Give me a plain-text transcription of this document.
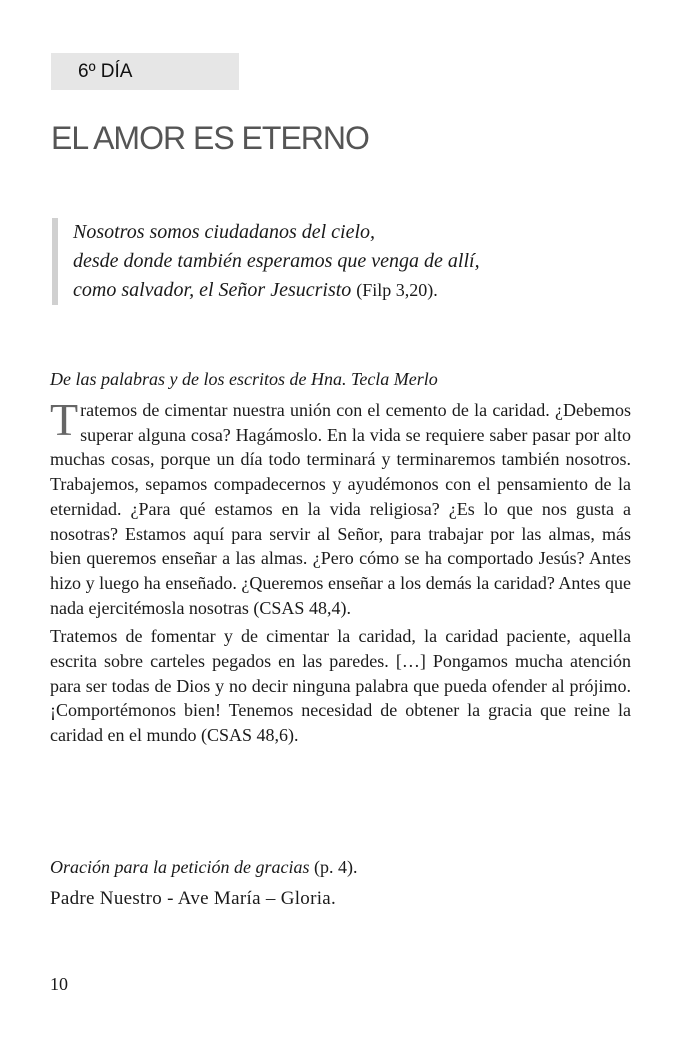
6º DÍA
EL AMOR ES ETERNO
Nosotros somos ciudadanos del cielo,
desde donde también esperamos que venga de allí,
como salvador, el Señor Jesucristo (Filp 3,20).
De las palabras y de los escritos de Hna. Tecla Merlo

Tratemos de cimentar nuestra unión con el cemento de la caridad. ¿Debemos superar alguna cosa? Hagámoslo. En la vida se requiere saber pasar por alto muchas cosas, porque un día todo terminará y terminaremos también nosotros. Trabajemos, sepamos compadecernos y ayudémonos con el pensamiento de la eternidad. ¿Para qué estamos en la vida religiosa? ¿Es lo que nos gusta a nosotras? Estamos aquí para servir al Señor, para trabajar por las almas, más bien queremos enseñar a las almas. ¿Pero cómo se ha comportado Jesús? Antes hizo y luego ha enseñado. ¿Queremos enseñar a los demás la caridad? Antes que nada ejercitémosla nosotras (CSAS 48,4).

Tratemos de fomentar y de cimentar la caridad, la caridad paciente, aquella escrita sobre carteles pegados en las paredes. […] Pongamos mucha atención para ser todas de Dios y no decir ninguna palabra que pueda ofender al prójimo. ¡Comportémonos bien! Tenemos necesidad de obtener la gracia que reine la caridad en el mundo (CSAS 48,6).

Oración para la petición de gracias (p. 4).
Padre Nuestro - Ave María – Gloria.
10
